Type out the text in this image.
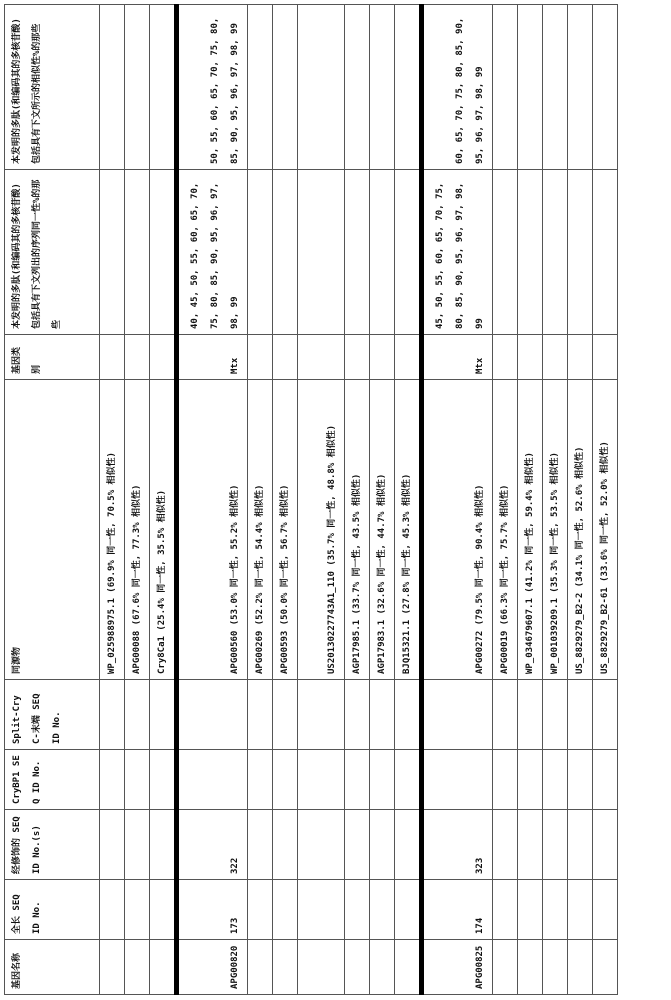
基因名称	全长 SEQ ID No.	经修饰的 SEQID No.(s)	CryBP1 SEQ ID No.	Split-Cry C-末端 SEQ ID No.	同源物	基因类别	本发明的多肽(和编码其的多核苷酸)包括具有下文列出的序列同一性%的那些	本发明的多肽(和编码其的多核苷酸)包括具有下文所示的相似性%的那些
					WP_025988975.1 (69.9% 同一性, 70.5% 相似性)								APG00088 (67.6% 同一性, 77.3% 相似性)								Cry8Ca1 (25.4% 同一性, 35.5% 相似性)			
APG00820	173	322			APG00560 (53.0% 同一性, 55.2% 相似性)	Mtx	40, 45, 50, 55, 60, 65, 70, 75, 80, 85, 90, 95, 96, 97, 98, 99	50, 55, 60, 65, 70, 75, 80, 85, 90, 95, 96, 97, 98, 99
					APG00269 (52.2% 同一性, 54.4% 相似性)								APG00593 (50.0% 同一性, 56.7% 相似性)								US20130227743A1_110 (35.7% 同一性, 48.8% 相似性)								AGP17985.1 (33.7% 同一性, 43.5% 相似性)								AGP17983.1 (32.6% 同一性, 44.7% 相似性)								BJQ15321.1 (27.8% 同一性, 45.3% 相似性)			
APG00825	174	323			APG00272 (79.5% 同一性, 90.4% 相似性)	Mtx	45, 50, 55, 60, 65, 70, 75, 80, 85, 90, 95, 96, 97, 98, 99	60, 65, 70, 75, 80, 85, 90, 95, 96, 97, 98, 99
					APG00019 (66.3% 同一性, 75.7% 相似性)								WP_034679607.1 (41.2% 同一性, 59.4% 相似性)								WP_001039209.1 (35.3% 同一性, 53.5% 相似性)								US_8829279_B2-2 (34.1% 同一性, 52.6% 相似性)								US_8829279_B2-61 (33.6% 同一性, 52.0% 相似性)			
